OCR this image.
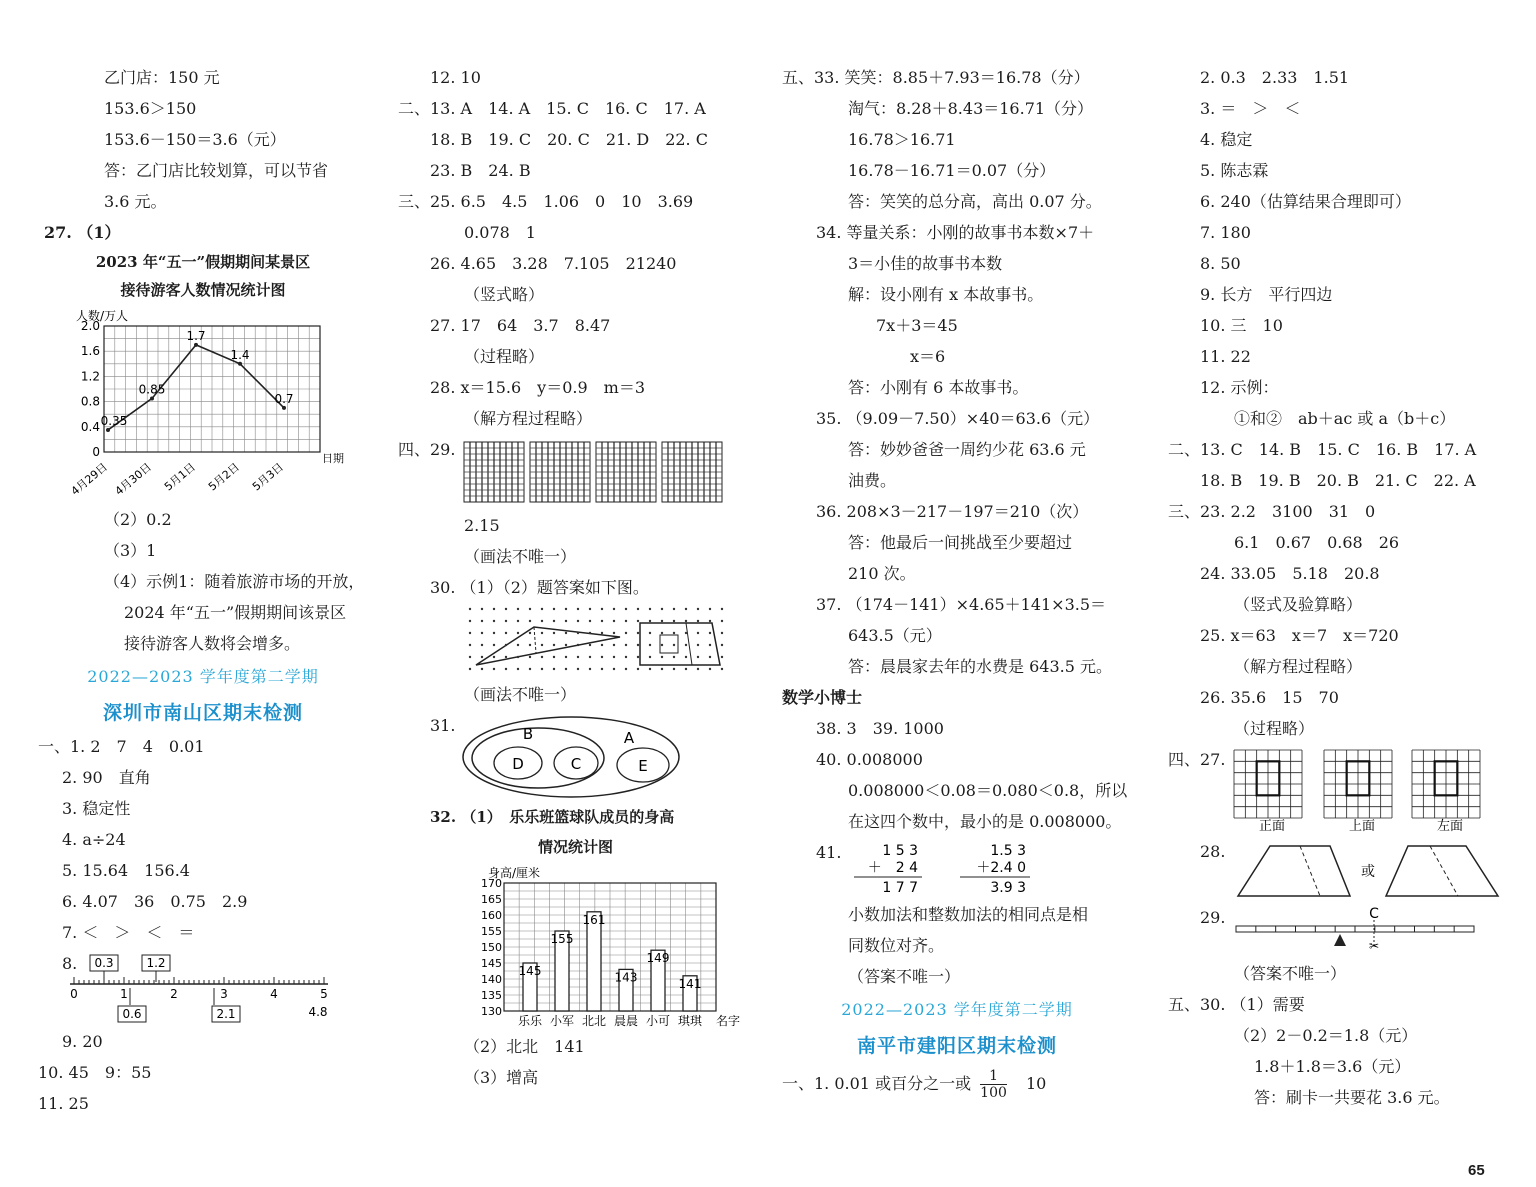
乙门店：150 元
153.6＞150
153.6－150＝3.6（元）
答：乙门店比较划算，可以节省
3.6 元。
27. （1）
2023 年“五一”假期期间某景区
接待游客人数情况统计图
人数/万人
日期
0
0.4
0.8
1.2
1.6
2.0
4月29日 4月30日 5月1日 5月2日 5月3日
0.35
0.85
1.7
1.4
0.7
（2）0.2
（3）1
（4）示例1：随着旅游市场的开放，
2024 年“五一”假期期间该景区
接待游客人数将会增多。
2022—2023 学年度第二学期
深圳市南山区期末检测
一、1. 2　7　4　0.01
2. 90　直角
3. 稳定性
4. a÷24
5. 15.64　156.4
6. 4.07　36　0.75　2.9
7. ＜　＞　＜　＝
8.
0	1	2	3	4	5
0.3	1.2
0.6	2.1	4.8
9. 20
10. 45　9：55
11. 25
12. 10
二、13. A　14. A　15. C　16. C　17. A
18. B　19. C　20. C　21. D　22. C
23. B　24. B
三、25. 6.5　4.5　1.06　0　10　3.69
0.078　1
26. 4.65　3.28　7.105　21240
（竖式略）
27. 17　64　3.7　8.47
（过程略）
28. x＝15.6　y＝0.9　m＝3
（解方程过程略）
四、29.
2.15
（画法不唯一）
30. （1）（2）题答案如下图。
（画法不唯一）
31.	B	A
D	C	E
32. （1）　乐乐班篮球队成员的身高
情况统计图
身高/厘米
130
135
140
145
150
155
160
165
170
145
乐乐
155
小军
161
北北
143
晨晨
149
小可
141
琪琪 名字
（2）北北　141
（3）增高
五、33. 笑笑：8.85＋7.93＝16.78（分）
淘气：8.28＋8.43＝16.71（分）
16.78＞16.71
16.78－16.71＝0.07（分）
答：笑笑的总分高，高出 0.07 分。
34. 等量关系：小刚的故事书本数×7＋
3＝小佳的故事书本数
解：设小刚有 x 本故事书。
7x＋3＝45
x＝6
答：小刚有 6 本故事书。
35. （9.09－7.50）×40＝63.6（元）
答：妙妙爸爸一周约少花 63.6 元
油费。
36. 208×3－217－197＝210（次）
答：他最后一间挑战至少要超过
210 次。
37. （174－141）×4.65＋141×3.5＝
643.5（元）
答：晨晨家去年的水费是 643.5 元。
数学小博士
38. 3　39. 1000
40. 0.008000
0.008000＜0.08＝0.080＜0.8，所以
在这四个数中，最小的是 0.008000。
41.	1 5 3
＋　2 4
1 7 7
1.5 3
＋2.4 0
3.9 3
小数加法和整数加法的相同点是相
同数位对齐。
（答案不唯一）
2022—2023 学年度第二学期
南平市建阳区期末检测
一、1. 0.01 或百分之一或 $\frac{1}{100} 10$
2. 0.3　2.33　1.51
3. ＝　＞　＜
4. 稳定
5. 陈志霖
6. 240（估算结果合理即可）
7. 180
8. 50
9. 长方　平行四边
10. 三　10
11. 22
12. 示例：
①和②　ab＋ac 或 a（b＋c）
二、13. C　14. B　15. C　16. B　17. A
18. B　19. B　20. B　21. C　22. A
三、23. 2.2　3100　31　0
6.1　0.67　0.68　26
24. 33.05　5.18　20.8
（竖式及验算略）
25. x＝63　x＝7　x＝720
（解方程过程略）
26. 35.6　15　70
（过程略）
四、27.
正面	上面	左面
28.
或
29.	C
✂
（答案不唯一）
五、30. （1）需要
（2）2－0.2＝1.8（元）
1.8＋1.8＝3.6（元）
答：刷卡一共要花 3.6 元。
65
